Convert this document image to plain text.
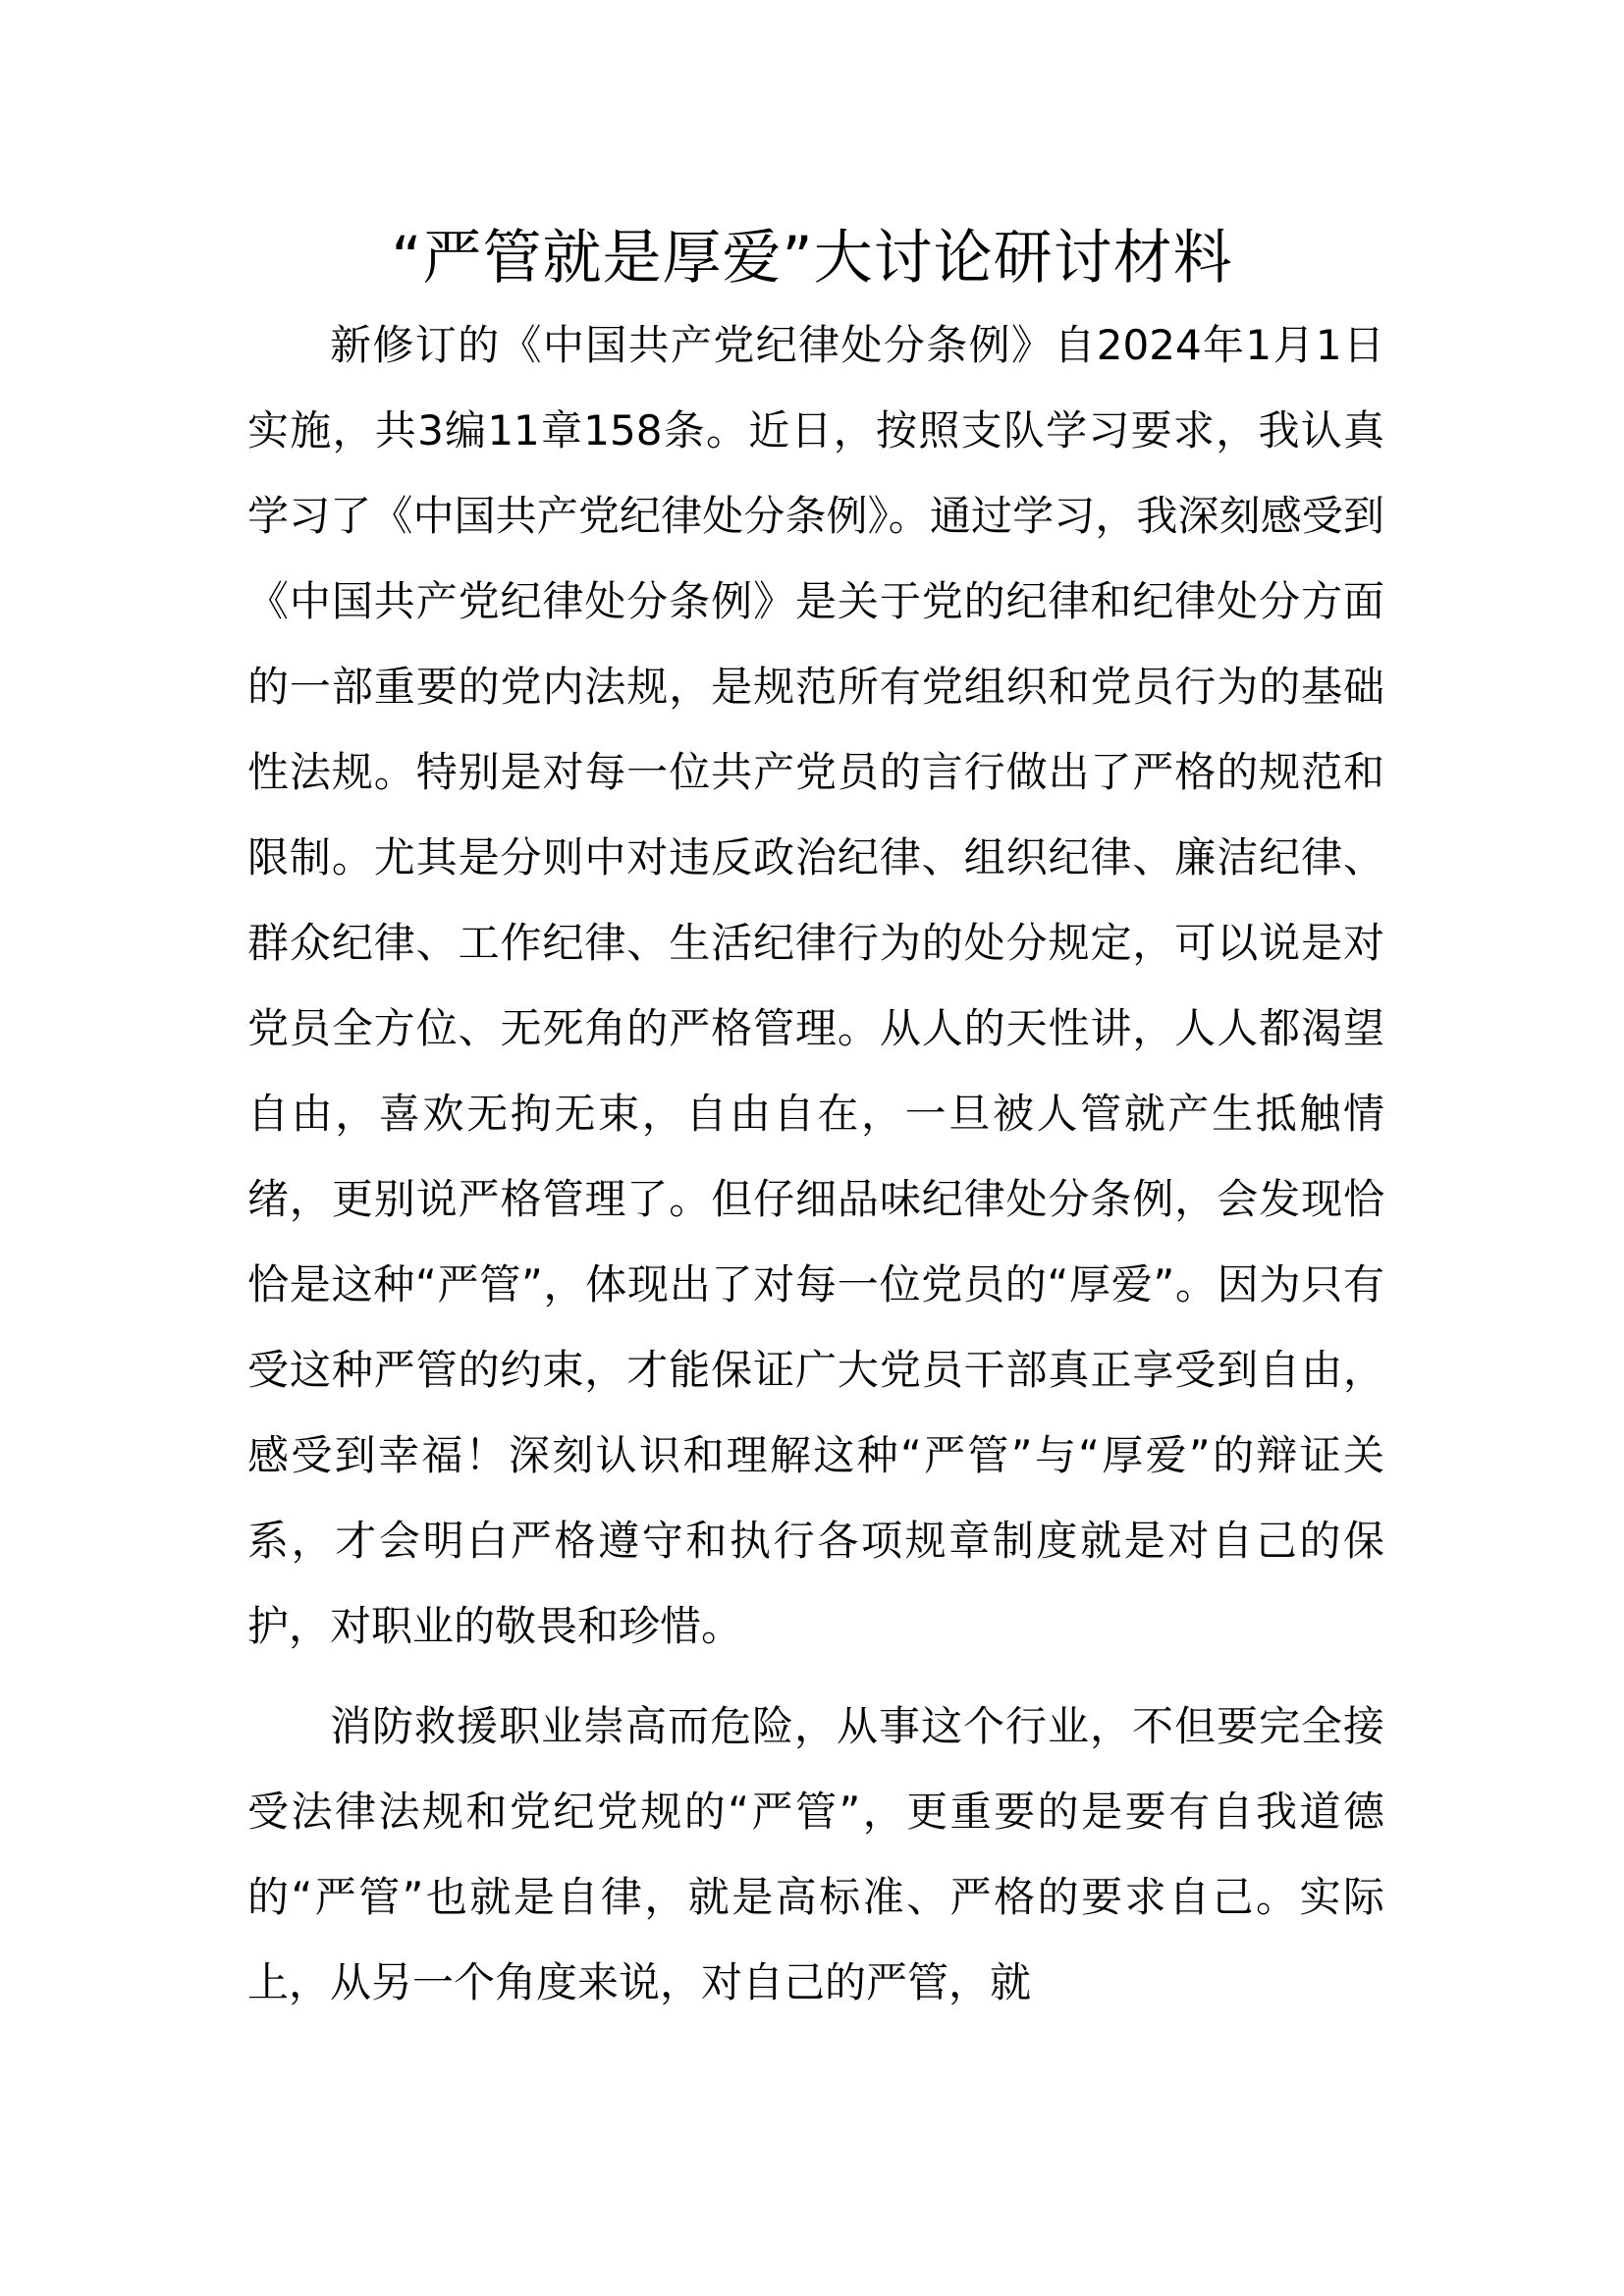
“严管就是厚爱”大讨论研讨材料

新修订的《中国共产党纪律处分条例》自2024年1月1日实施，共3编11章158条。近日，按照支队学习要求，我认真学习了《中国共产党纪律处分条例》。通过学习，我深刻感受到《中国共产党纪律处分条例》是关于党的纪律和纪律处分方面的一部重要的党内法规，是规范所有党组织和党员行为的基础性法规。特别是对每一位共产党员的言行做出了严格的规范和限制。尤其是分则中对违反政治纪律、组织纪律、廉洁纪律、群众纪律、工作纪律、生活纪律行为的处分规定，可以说是对党员全方位、无死角的严格管理。从人的天性讲，人人都渴望自由，喜欢无拘无束，自由自在，一旦被人管就产生抵触情绪，更别说严格管理了。但仔细品味纪律处分条例，会发现恰恰是这种“严管”，体现出了对每一位党员的“厚爱”。因为只有受这种严管的约束，才能保证广大党员干部真正享受到自由，感受到幸福！深刻认识和理解这种“严管”与“厚爱”的辩证关系，才会明白严格遵守和执行各项规章制度就是对自己的保护，对职业的敬畏和珍惜。

消防救援职业崇高而危险，从事这个行业，不但要完全接受法律法规和党纪党规的“严管”，更重要的是要有自我道德的“严管”也就是自律，就是高标准、严格的要求自己。实际上，从另一个角度来说，对自己的严管，就
